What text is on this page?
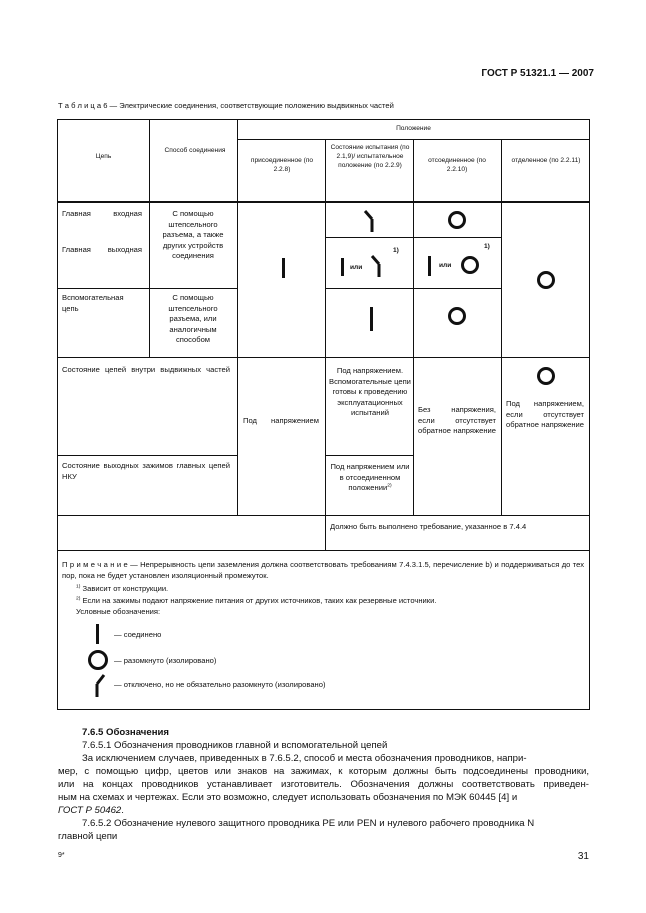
ГОСТ Р 51321.1 — 2007
Т а б л и ц а 6 — Электрические соединения, соответствующие положению выдвижных частей
Цепь
Способ соединения
Положение
присоединенное (по 2.2.8)
Состояние испытания (по 2.1,9)/ испытательное положение (по 2.2.9)
отсоединенное (по 2.2.10)
отделенное (по 2.2.11)
Главная входная
Главная выходная
С помощью штепсельного разъема, а также других устройств соединения
Вспомогательная цепь
С помощью штепсельного разъема, или аналогичным способом
или	или
1)
1)
Состояние цепей внутри выдвижных частей
Состояние выходных зажимов главных цепей НКУ
Под напряжением
Под напряжением. Вспомогательные цепи готовы к проведению эксплуатационных испытаний
Под напряжением или в отсоединенном положении$^{2)}$
Без напряжения, если отсутствует обратное напряжение
Под напряжением, если отсутствует обратное напряжение
Должно быть выполнено требование, указанное в 7.4.4
П р и м е ч а н и е — Непрерывность цепи заземления должна соответствовать требованиям 7.4.3.1.5, перечисление b) и поддерживаться до тех пор, пока не будет установлен изоляционный промежуток.
$^{1)}$ Зависит от конструкции.
$^{2)}$ Если на зажимы подают напряжение питания от других источников, таких как резервные источники.
Условные обозначения:
— соединено
— разомкнуто (изолировано)
— отключено, но не обязательно разомкнуто (изолировано)
7.6.5 Обозначения
7.6.5.1 Обозначения проводников главной и вспомогательной цепей
За исключением случаев, приведенных в 7.6.5.2, способ и места обозначения проводников, напри-
мер, с помощью цифр, цветов или знаков на зажимах, к которым должны быть подсоединены проводники,
или на концах проводников устанавливает изготовитель. Обозначения должны соответствовать приведен-
ным на схемах и чертежах. Если это возможно, следует использовать обозначения по МЭК 60445 [4] и
ГОСТ Р 50462.
7.6.5.2 Обозначение нулевого защитного проводника PE или PEN и нулевого рабочего проводника N
главной цепи
9*	31
